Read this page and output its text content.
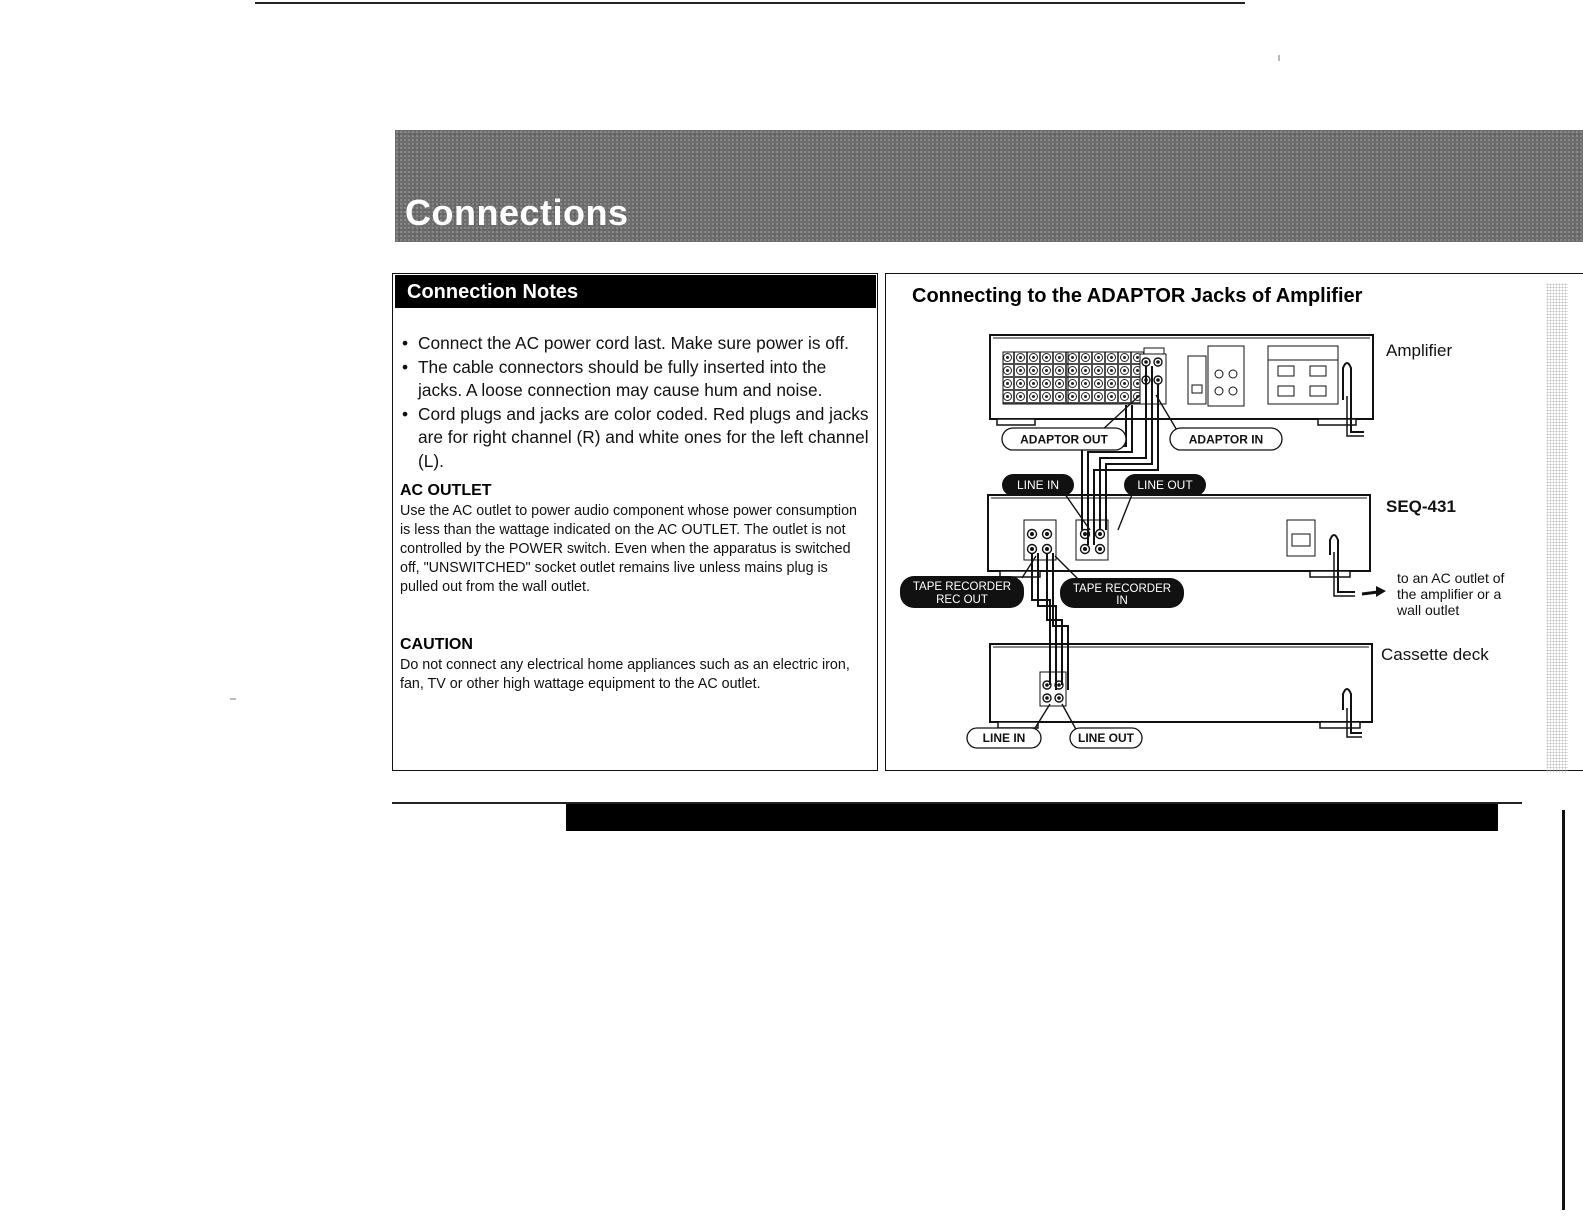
Connections
Connection Notes
• Connect the AC power cord last. Make sure power is off.
• The cable connectors should be fully inserted into the jacks. A loose connection may cause hum and noise.
• Cord plugs and jacks are color coded. Red plugs and jacks are for right channel (R) and white ones for the left channel (L).
AC OUTLET
Use the AC outlet to power audio component whose power consumption is less than the wattage indicated on the AC OUTLET. The outlet is not controlled by the POWER switch. Even when the apparatus is switched off, "UNSWITCHED" socket outlet remains live unless mains plug is pulled out from the wall outlet.
CAUTION
Do not connect any electrical home appliances such as an electric iron, fan, TV or other high wattage equipment to the AC outlet.
Connecting to the ADAPTOR Jacks of Amplifier
ADAPTOR OUT	ADAPTOR IN
LINE IN	LINE OUT
LINE IN	LINE OUT
TAPE RECORDER
REC OUT
TAPE RECORDER
IN
Amplifier
SEQ-431
Cassette deck
to an AC outlet of
the amplifier or a
wall outlet
